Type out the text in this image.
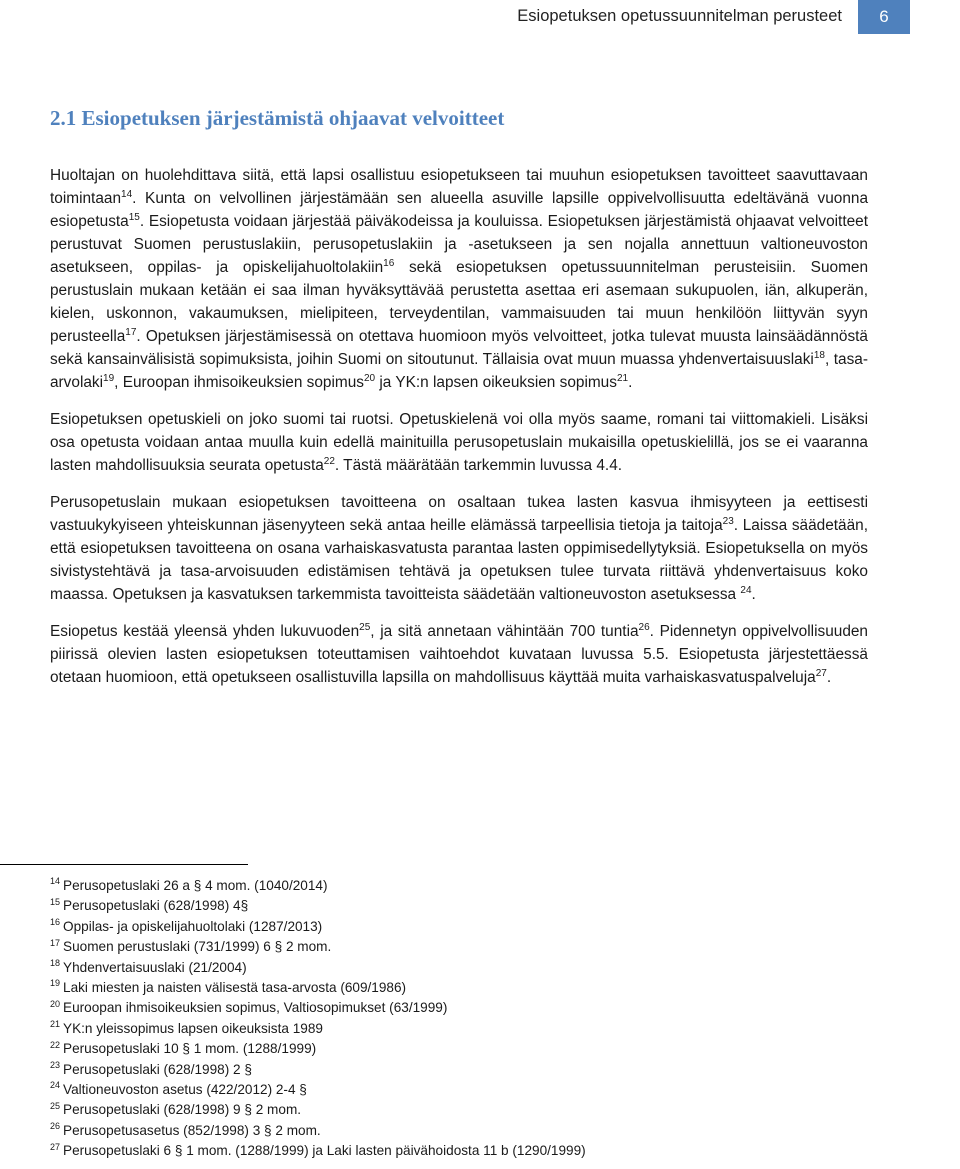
Esiopetuksen opetussuunnitelman perusteet	6
2.1 Esiopetuksen järjestämistä ohjaavat velvoitteet

Huoltajan on huolehdittava siitä, että lapsi osallistuu esiopetukseen tai muuhun esiopetuksen tavoitteet saavuttavaan toimintaan$^{14}$. Kunta on velvollinen järjestämään sen alueella asuville lapsille oppivelvollisuutta edeltävänä vuonna esiopetusta$^{15}$. Esiopetusta voidaan järjestää päiväkodeissa ja kouluissa. Esiopetuksen järjestämistä ohjaavat velvoitteet perustuvat Suomen perustuslakiin, perusopetuslakiin ja -asetukseen ja sen nojalla annettuun valtioneuvoston asetukseen, oppilas- ja opiskelijahuoltolakiin$^{16}$ sekä esiopetuksen opetussuunnitelman perusteisiin. Suomen perustuslain mukaan ketään ei saa ilman hyväksyttävää perustetta asettaa eri asemaan sukupuolen, iän, alkuperän, kielen, uskonnon, vakaumuksen, mielipiteen, terveydentilan, vammaisuuden tai muun henkilöön liittyvän syyn perusteella$^{17}$. Opetuksen järjestämisessä on otettava huomioon myös velvoitteet, jotka tulevat muusta lainsäädännöstä sekä kansainvälisistä sopimuksista, joihin Suomi on sitoutunut. Tällaisia ovat muun muassa yhdenvertaisuuslaki$^{18}$, tasa-arvolaki$^{19}$, Euroopan ihmisoikeuksien sopimus$^{20}$ ja YK:n lapsen oikeuksien sopimus$^{21}$.

Esiopetuksen opetuskieli on joko suomi tai ruotsi. Opetuskielenä voi olla myös saame, romani tai viittomakieli. Lisäksi osa opetusta voidaan antaa muulla kuin edellä mainituilla perusopetuslain mukaisilla opetuskielillä, jos se ei vaaranna lasten mahdollisuuksia seurata opetusta$^{22}$. Tästä määrätään tarkemmin luvussa 4.4.

Perusopetuslain mukaan esiopetuksen tavoitteena on osaltaan tukea lasten kasvua ihmisyyteen ja eettisesti vastuukykyiseen yhteiskunnan jäsenyyteen sekä antaa heille elämässä tarpeellisia tietoja ja taitoja$^{23}$. Laissa säädetään, että esiopetuksen tavoitteena on osana varhaiskasvatusta parantaa lasten oppimisedellytyksiä. Esiopetuksella on myös sivistystehtävä ja tasa-arvoisuuden edistämisen tehtävä ja opetuksen tulee turvata riittävä yhdenvertaisuus koko maassa. Opetuksen ja kasvatuksen tarkemmista tavoitteista säädetään valtioneuvoston asetuksessa $^{24}$.

Esiopetus kestää yleensä yhden lukuvuoden$^{25}$, ja sitä annetaan vähintään 700 tuntia$^{26}$. Pidennetyn oppivelvollisuuden piirissä olevien lasten esiopetuksen toteuttamisen vaihtoehdot kuvataan luvussa 5.5. Esiopetusta järjestettäessä otetaan huomioon, että opetukseen osallistuvilla lapsilla on mahdollisuus käyttää muita varhaiskasvatuspalveluja$^{27}$.

$^{14}$ Perusopetuslaki 26 a § 4 mom. (1040/2014)
$^{15}$ Perusopetuslaki (628/1998) 4§
$^{16}$ Oppilas- ja opiskelijahuoltolaki (1287/2013)
$^{17}$ Suomen perustuslaki (731/1999) 6 § 2 mom.
$^{18}$ Yhdenvertaisuuslaki (21/2004)
$^{19}$ Laki miesten ja naisten välisestä tasa-arvosta (609/1986)
$^{20}$ Euroopan ihmisoikeuksien sopimus, Valtiosopimukset (63/1999)
$^{21}$ YK:n yleissopimus lapsen oikeuksista 1989
$^{22}$ Perusopetuslaki 10 § 1 mom. (1288/1999)
$^{23}$ Perusopetuslaki (628/1998) 2 §
$^{24}$ Valtioneuvoston asetus (422/2012) 2-4 §
$^{25}$ Perusopetuslaki (628/1998) 9 § 2 mom.
$^{26}$ Perusopetusasetus (852/1998) 3 § 2 mom.
$^{27}$ Perusopetuslaki 6 § 1 mom. (1288/1999) ja Laki lasten päivähoidosta 11 b (1290/1999)
